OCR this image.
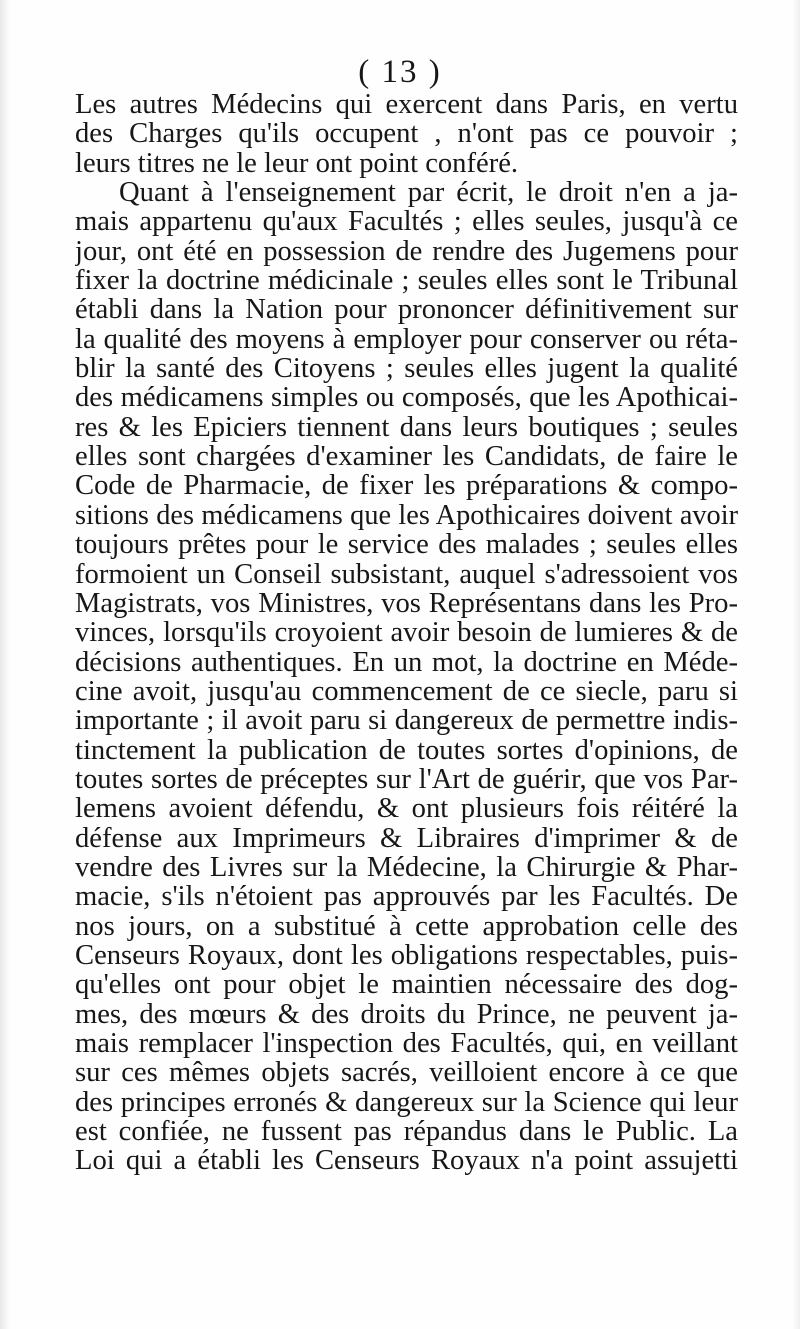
( 13 )
Les autres Médecins qui exercent dans Paris, en vertu
des Charges qu'ils occupent , n'ont pas ce pouvoir ;
leurs titres ne le leur ont point conféré.
Quant à l'enseignement par écrit, le droit n'en a ja-
mais appartenu qu'aux Facultés ; elles seules, jusqu'à ce
jour, ont été en possession de rendre des Jugemens pour
fixer la doctrine médicinale ; seules elles sont le Tribunal
établi dans la Nation pour prononcer définitivement sur
la qualité des moyens à employer pour conserver ou réta-
blir la santé des Citoyens ; seules elles jugent la qualité
des médicamens simples ou composés, que les Apothicai-
res & les Epiciers tiennent dans leurs boutiques ; seules
elles sont chargées d'examiner les Candidats, de faire le
Code de Pharmacie, de fixer les préparations & compo-
sitions des médicamens que les Apothicaires doivent avoir
toujours prêtes pour le service des malades ; seules elles
formoient un Conseil subsistant, auquel s'adressoient vos
Magistrats, vos Ministres, vos Représentans dans les Pro-
vinces, lorsqu'ils croyoient avoir besoin de lumieres & de
décisions authentiques. En un mot, la doctrine en Méde-
cine avoit, jusqu'au commencement de ce siecle, paru si
importante ; il avoit paru si dangereux de permettre indis-
tinctement la publication de toutes sortes d'opinions, de
toutes sortes de préceptes sur l'Art de guérir, que vos Par-
lemens avoient défendu, & ont plusieurs fois réitéré la
défense aux Imprimeurs & Libraires d'imprimer & de
vendre des Livres sur la Médecine, la Chirurgie & Phar-
macie, s'ils n'étoient pas approuvés par les Facultés. De
nos jours, on a substitué à cette approbation celle des
Censeurs Royaux, dont les obligations respectables, puis-
qu'elles ont pour objet le maintien nécessaire des dog-
mes, des mœurs & des droits du Prince, ne peuvent ja-
mais remplacer l'inspection des Facultés, qui, en veillant
sur ces mêmes objets sacrés, veilloient encore à ce que
des principes erronés & dangereux sur la Science qui leur
est confiée, ne fussent pas répandus dans le Public. La
Loi qui a établi les Censeurs Royaux n'a point assujetti
